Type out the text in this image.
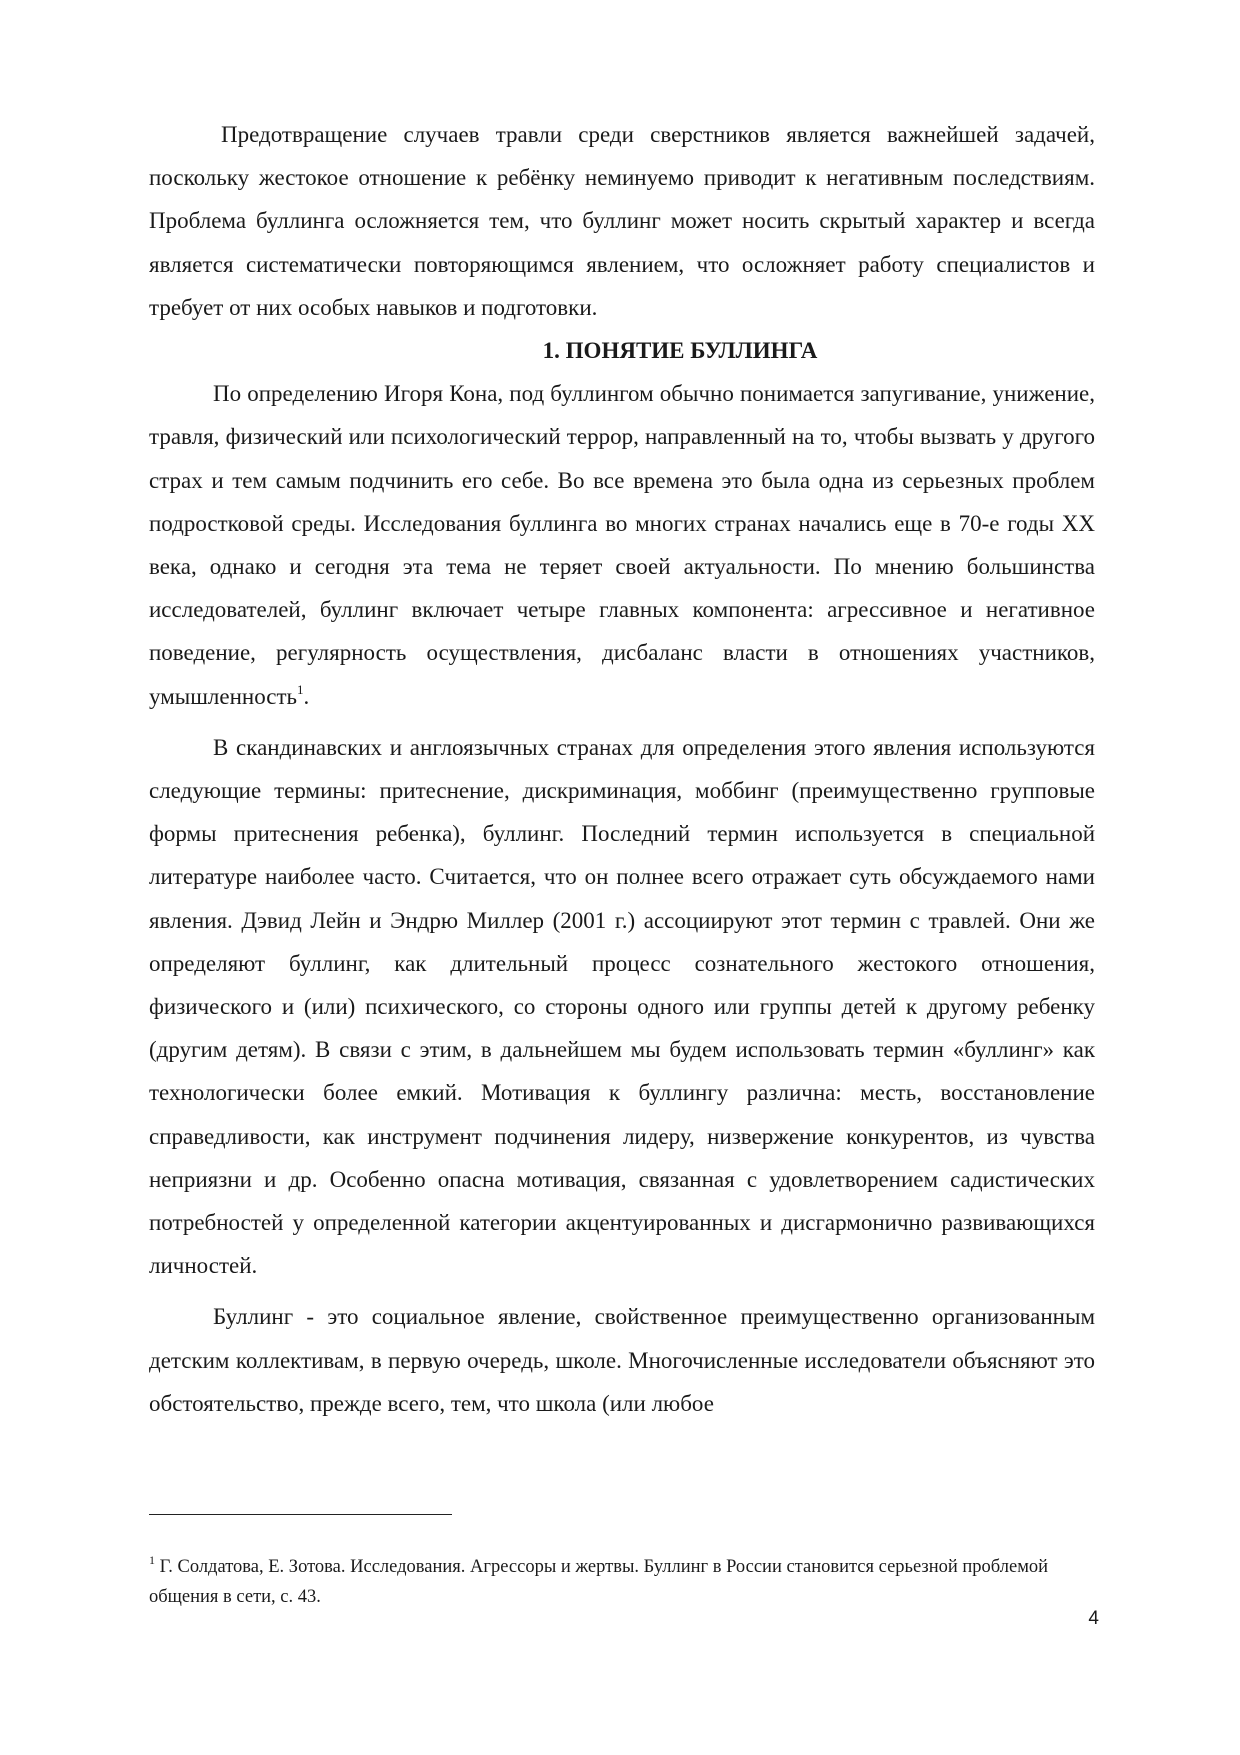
Предотвращение случаев травли среди сверстников является важнейшей задачей, поскольку жестокое отношение к ребёнку неминуемо приводит к негативным последствиям. Проблема буллинга осложняется тем, что буллинг может носить скрытый характер и всегда является систематически повторяющимся явлением, что осложняет работу специалистов и требует от них особых навыков и подготовки.

1. ПОНЯТИЕ БУЛЛИНГА

По определению Игоря Кона, под буллингом обычно понимается запугивание, унижение, травля, физический или психологический террор, направленный на то, чтобы вызвать у другого страх и тем самым подчинить его себе. Во все времена это была одна из серьезных проблем подростковой среды. Исследования буллинга во многих странах начались еще в 70-е годы XX века, однако и сегодня эта тема не теряет своей актуальности. По мнению большинства исследователей, буллинг включает четыре главных компонента: агрессивное и негативное поведение, регулярность осуществления, дисбаланс власти в отношениях участников, умышленность$^1$.

В скандинавских и англоязычных странах для определения этого явления используются следующие термины: притеснение, дискриминация, моббинг (преимущественно групповые формы притеснения ребенка), буллинг. Последний термин используется в специальной литературе наиболее часто. Считается, что он полнее всего отражает суть обсуждаемого нами явления. Дэвид Лейн и Эндрю Миллер (2001 г.) ассоциируют этот термин с травлей. Они же определяют буллинг, как длительный процесс сознательного жестокого отношения, физического и (или) психического, со стороны одного или группы детей к другому ребенку (другим детям). В связи с этим, в дальнейшем мы будем использовать термин «буллинг» как технологически более емкий. Мотивация к буллингу различна: месть, восстановление справедливости, как инструмент подчинения лидеру, низвержение конкурентов, из чувства неприязни и др. Особенно опасна мотивация, связанная с удовлетворением садистических потребностей у определенной категории акцентуированных и дисгармонично развивающихся личностей.

Буллинг - это социальное явление, свойственное преимущественно организованным детским коллективам, в первую очередь, школе. Многочисленные исследователи объясняют это обстоятельство, прежде всего, тем, что школа (или любое

$^1$ Г. Солдатова, Е. Зотова. Исследования. Агрессоры и жертвы. Буллинг в России становится серьезной проблемой общения в сети, с. 43.

4
